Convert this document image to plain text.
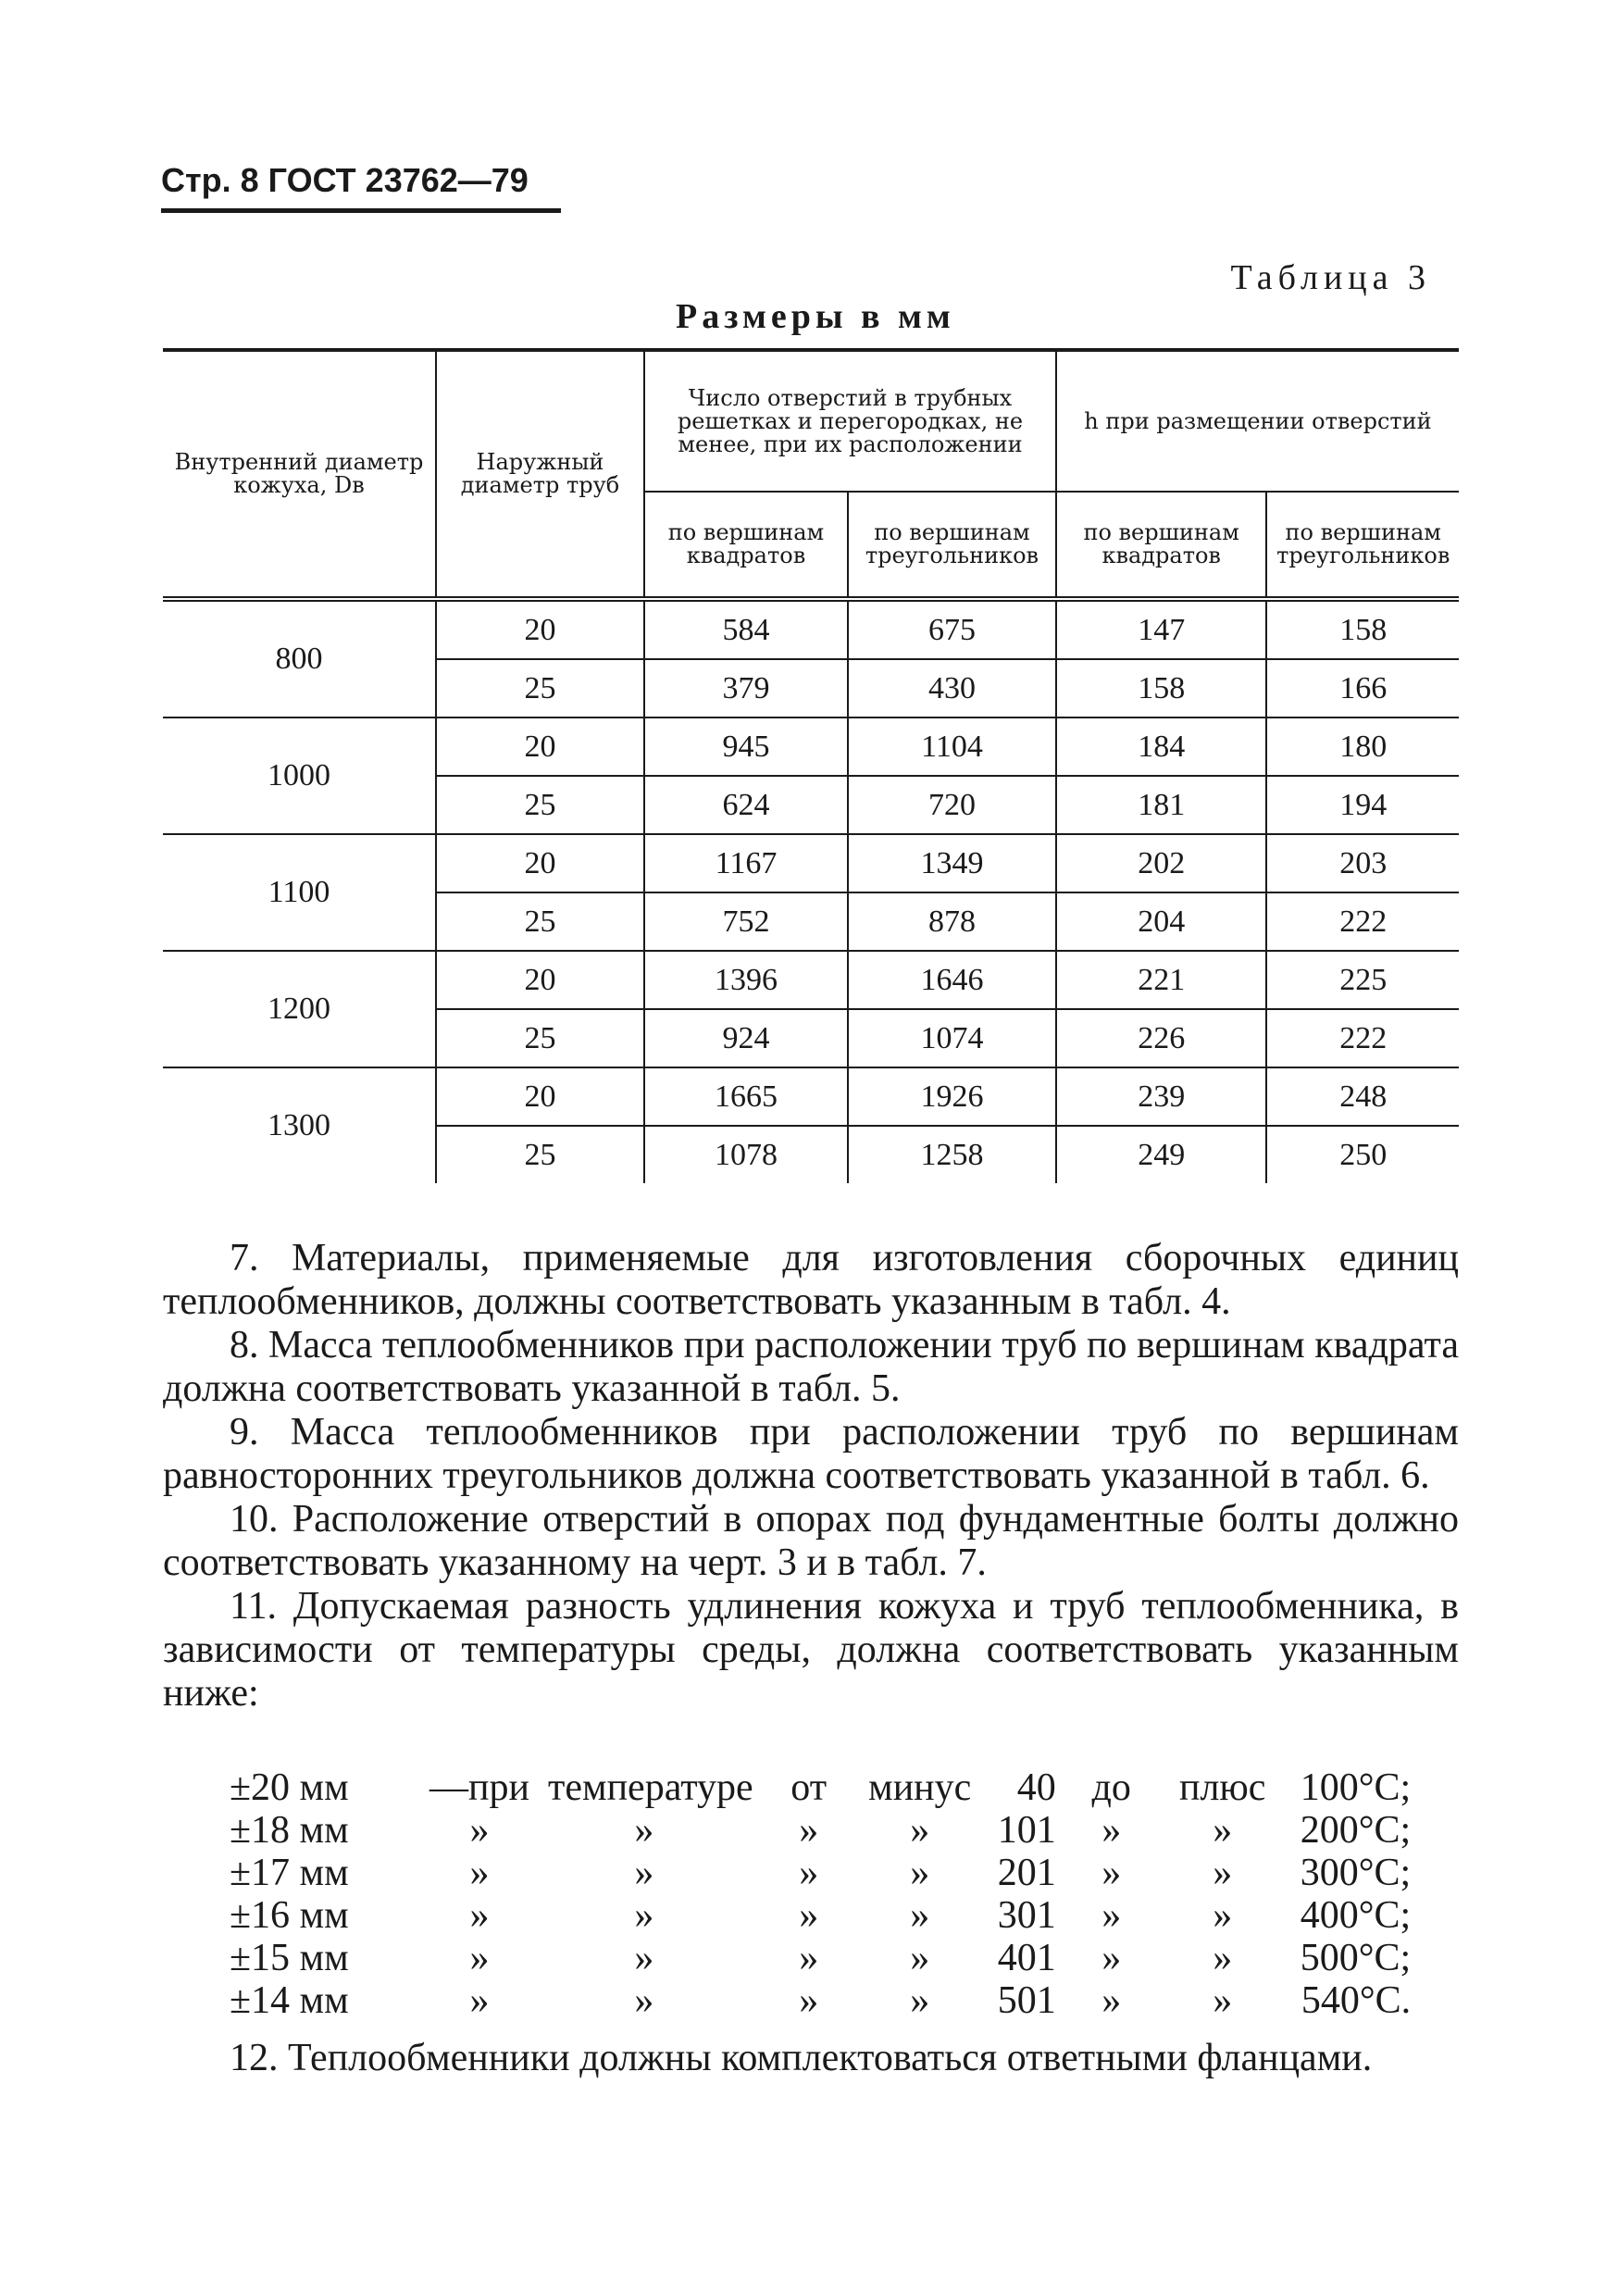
Стр. 8 ГОСТ 23762—79
Таблица 3
Размеры в мм
Внутренний диаметр кожуха, Dв	Наружный диаметр труб	Число отверстий в трубных решетках и перегородках, не менее, при их расположении		h при размещении отверстий	
		по вершинам квадратов	по вершинам треугольников	по вершинам квадратов	по вершинам треугольников
800	20	584	675	147	158
	25	379	430	158	166
1000	20	945	1104	184	180
	25	624	720	181	194
1100	20	1167	1349	202	203
	25	752	878	204	222
1200	20	1396	1646	221	225
	25	924	1074	226	222
1300	20	1665	1926	239	248
	25	1078	1258	249	250

7. Материалы, применяемые для изготовления сборочных единиц теплообменников, должны соответствовать указанным в табл. 4.

8. Масса теплообменников при расположении труб по вершинам квадрата должна соответствовать указанной в табл. 5.

9. Масса теплообменников при расположении труб по вершинам равносторонних треугольников должна соответствовать указанной в табл. 6.

10. Расположение отверстий в опорах под фундаментные болты должно соответствовать указанному на черт. 3 и в табл. 7.

11. Допускаемая разность удлинения кожуха и труб теплообменника, в зависимости от температуры среды, должна соответствовать указанным ниже:

±20 мм	—при	температуре	от	минус	40	до	плюс	100°С;
±18 мм	»	»	»	»	101	»	»	200°С;
±17 мм	»	»	»	»	201	»	»	300°С;
±16 мм	»	»	»	»	301	»	»	400°С;
±15 мм	»	»	»	»	401	»	»	500°С;
±14 мм	»	»	»	»	501	»	»	540°С.

12. Теплообменники должны комплектоваться ответными фланцами.
